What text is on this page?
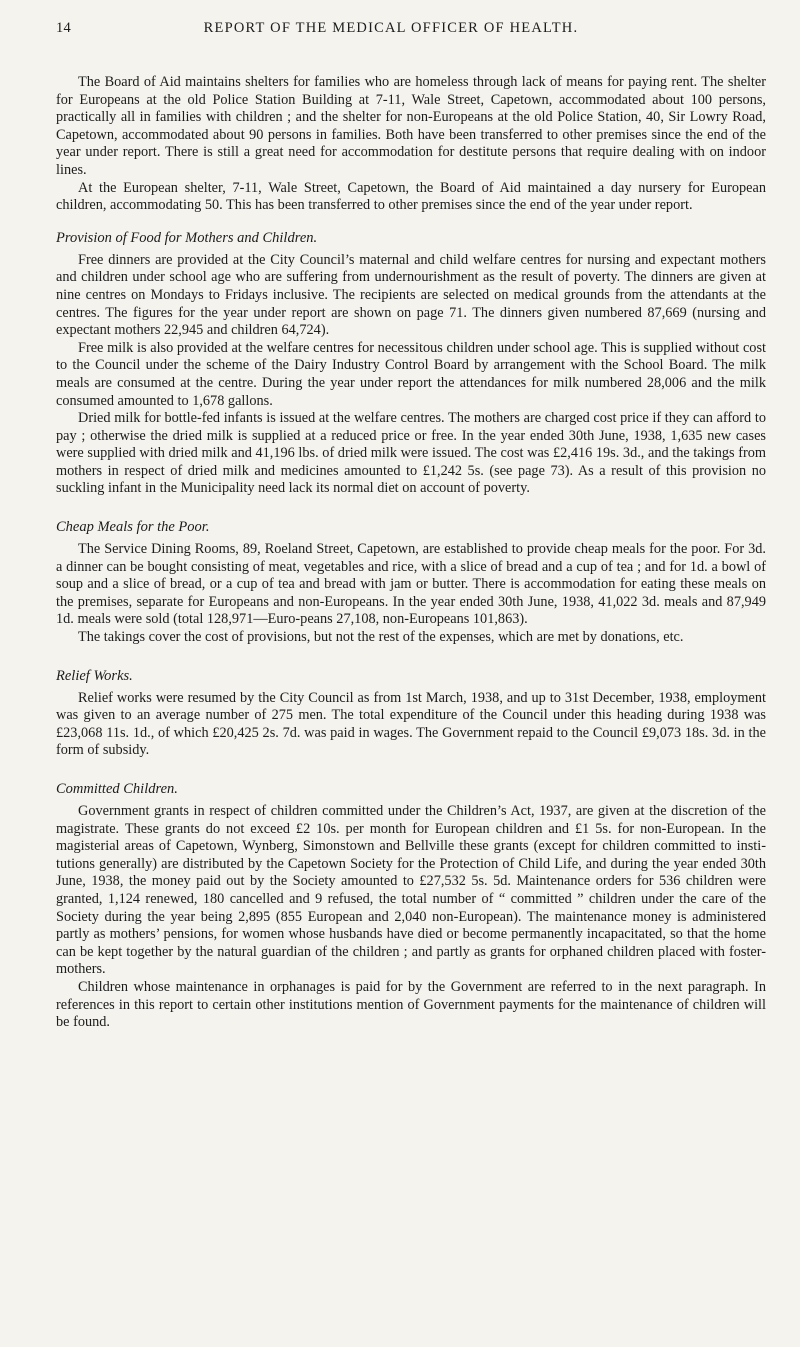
14	REPORT OF THE MEDICAL OFFICER OF HEALTH.

The Board of Aid maintains shelters for families who are homeless through lack of means for paying rent. The shelter for Europeans at the old Police Station Building at 7-11, Wale Street, Capetown, accommodated about 100 persons, practically all in families with children ; and the shelter for non-Europeans at the old Police Station, 40, Sir Lowry Road, Capetown, accommodated about 90 persons in families. Both have been transferred to other premises since the end of the year under report. There is still a great need for accommodation for destitute persons that require dealing with on indoor lines.

At the European shelter, 7-11, Wale Street, Capetown, the Board of Aid maintained a day nursery for European children, accommodating 50. This has been transferred to other premises since the end of the year under report.

Provision of Food for Mothers and Children.

Free dinners are provided at the City Council’s maternal and child welfare centres for nursing and expectant mothers and children under school age who are suffering from undernourishment as the result of poverty. The dinners are given at nine centres on Mondays to Fridays inclusive. The recipients are selected on medical grounds from the attendants at the centres. The figures for the year under report are shown on page 71. The dinners given numbered 87,669 (nursing and expectant mothers 22,945 and children 64,724).

Free milk is also provided at the welfare centres for necessitous children under school age. This is supplied without cost to the Council under the scheme of the Dairy Industry Control Board by arrangement with the School Board. The milk meals are consumed at the centre. During the year under report the attendances for milk numbered 28,006 and the milk consumed amounted to 1,678 gallons.

Dried milk for bottle-fed infants is issued at the welfare centres. The mothers are charged cost price if they can afford to pay ; otherwise the dried milk is supplied at a reduced price or free. In the year ended 30th June, 1938, 1,635 new cases were supplied with dried milk and 41,196 lbs. of dried milk were issued. The cost was £2,416 19s. 3d., and the takings from mothers in respect of dried milk and medicines amounted to £1,242 5s. (see page 73). As a result of this provision no suckling infant in the Municipality need lack its normal diet on account of poverty.

Cheap Meals for the Poor.

The Service Dining Rooms, 89, Roeland Street, Capetown, are established to provide cheap meals for the poor. For 3d. a dinner can be bought consisting of meat, vegetables and rice, with a slice of bread and a cup of tea ; and for 1d. a bowl of soup and a slice of bread, or a cup of tea and bread with jam or butter. There is accommodation for eating these meals on the premises, separate for Europeans and non-Europeans. In the year ended 30th June, 1938, 41,022 3d. meals and 87,949 1d. meals were sold (total 128,971—Euro-peans 27,108, non-Europeans 101,863).

The takings cover the cost of provisions, but not the rest of the expenses, which are met by donations, etc.

Relief Works.

Relief works were resumed by the City Council as from 1st March, 1938, and up to 31st December, 1938, employment was given to an average number of 275 men. The total expenditure of the Council under this heading during 1938 was £23,068 11s. 1d., of which £20,425 2s. 7d. was paid in wages. The Government repaid to the Council £9,073 18s. 3d. in the form of subsidy.

Committed Children.

Government grants in respect of children committed under the Children’s Act, 1937, are given at the discretion of the magistrate. These grants do not exceed £2 10s. per month for European children and £1 5s. for non-European. In the magisterial areas of Capetown, Wynberg, Simonstown and Bellville these grants (except for children committed to insti-tutions generally) are distributed by the Capetown Society for the Protection of Child Life, and during the year ended 30th June, 1938, the money paid out by the Society amounted to £27,532 5s. 5d. Maintenance orders for 536 children were granted, 1,124 renewed, 180 cancelled and 9 refused, the total number of “ committed ” children under the care of the Society during the year being 2,895 (855 European and 2,040 non-European). The maintenance money is administered partly as mothers’ pensions, for women whose husbands have died or become permanently incapacitated, so that the home can be kept together by the natural guardian of the children ; and partly as grants for orphaned children placed with foster-mothers.

Children whose maintenance in orphanages is paid for by the Government are referred to in the next paragraph. In references in this report to certain other institutions mention of Government payments for the maintenance of children will be found.
